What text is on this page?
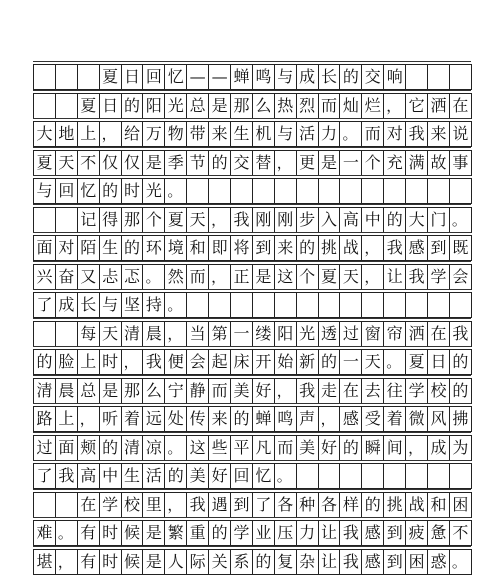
夏 日 回 忆 — — 蝉 鸣 与 成 长 的 交 响
夏 日 的 阳 光 总 是 那 么 热 烈 而 灿 烂 ， 它 洒 在
大 地 上 ， 给 万 物 带 来 生 机 与 活 力 。 而 对 我 来 说
夏 天 不 仅 仅 是 季 节 的 交 替 ， 更 是 一 个 充 满 故 事
与 回 忆 的 时 光 。
记 得 那 个 夏 天 ， 我 刚 刚 步 入 高 中 的 大 门 。
面 对 陌 生 的 环 境 和 即 将 到 来 的 挑 战 ， 我 感 到 既
兴 奋 又 忐 忑 。 然 而 ， 正 是 这 个 夏 天 ， 让 我 学 会
了 成 长 与 坚 持 。
每 天 清 晨 ， 当 第 一 缕 阳 光 透 过 窗 帘 洒 在 我
的 脸 上 时 ， 我 便 会 起 床 开 始 新 的 一 天 。 夏 日 的
清 晨 总 是 那 么 宁 静 而 美 好 ， 我 走 在 去 往 学 校 的
路 上 ， 听 着 远 处 传 来 的 蝉 鸣 声 ， 感 受 着 微 风 拂
过 面 颊 的 清 凉 。 这 些 平 凡 而 美 好 的 瞬 间 ， 成 为
了 我 高 中 生 活 的 美 好 回 忆 。
在 学 校 里 ， 我 遇 到 了 各 种 各 样 的 挑 战 和 困
难 。 有 时 候 是 繁 重 的 学 业 压 力 让 我 感 到 疲 惫 不
堪 ， 有 时 候 是 人 际 关 系 的 复 杂 让 我 感 到 困 惑 。
